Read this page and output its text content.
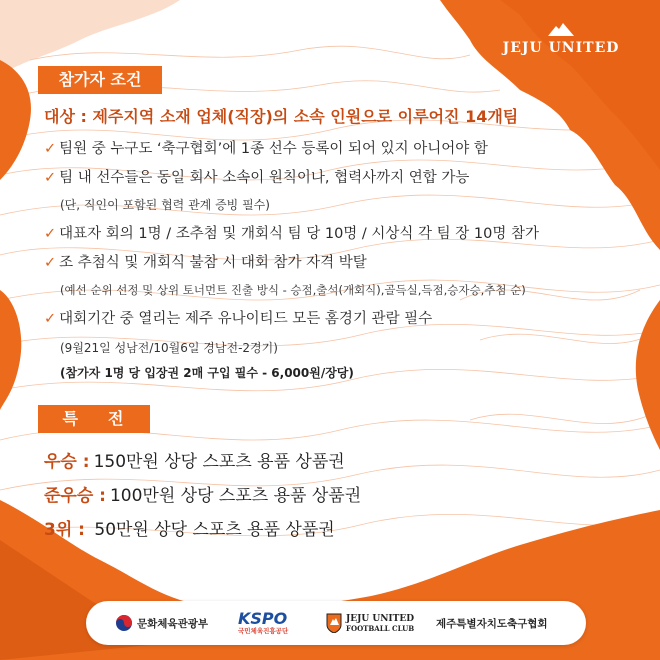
JEJU UNITED
참가자 조건
대상 : 제주지역 소재 업체(직장)의 소속 인원으로 이루어진 14개팀
✓ 팀원 중 누구도 ‘축구협회’에 1종 선수 등록이 되어 있지 아니어야 함
✓ 팀 내 선수들은 동일 회사 소속이 원칙이나, 협력사까지 연합 가능
(단, 직인이 포함된 협력 관계 증빙 필수)
✓ 대표자 회의 1명 / 조추첨 및 개회식 팀 당 10명 / 시상식 각 팀 장 10명 참가
✓ 조 추첨식 및 개회식 불참 시 대회 참가 자격 박탈
(예선 순위 선정 및 상위 토너먼트 진출 방식 - 승점,출석(개회식),골득실,득점,승자승,추첨 순)
✓ 대회기간 중 열리는 제주 유나이티드 모든 홈경기 관람 필수
(9월21일 성남전/10월6일 경남전-2경기)
(참가자 1명 당 입장권 2매 구입 필수 - 6,000원/장당)
특 전
우승 : 150만원 상당 스포츠 용품 상품권
준우승 : 100만원 상당 스포츠 용품 상품권
3위 : 50만원 상당 스포츠 용품 상품권
문화체육관광부 KSPO
국민체육진흥공단
JEJU UNITED
FOOTBALL CLUB 제주특별자치도축구협회
